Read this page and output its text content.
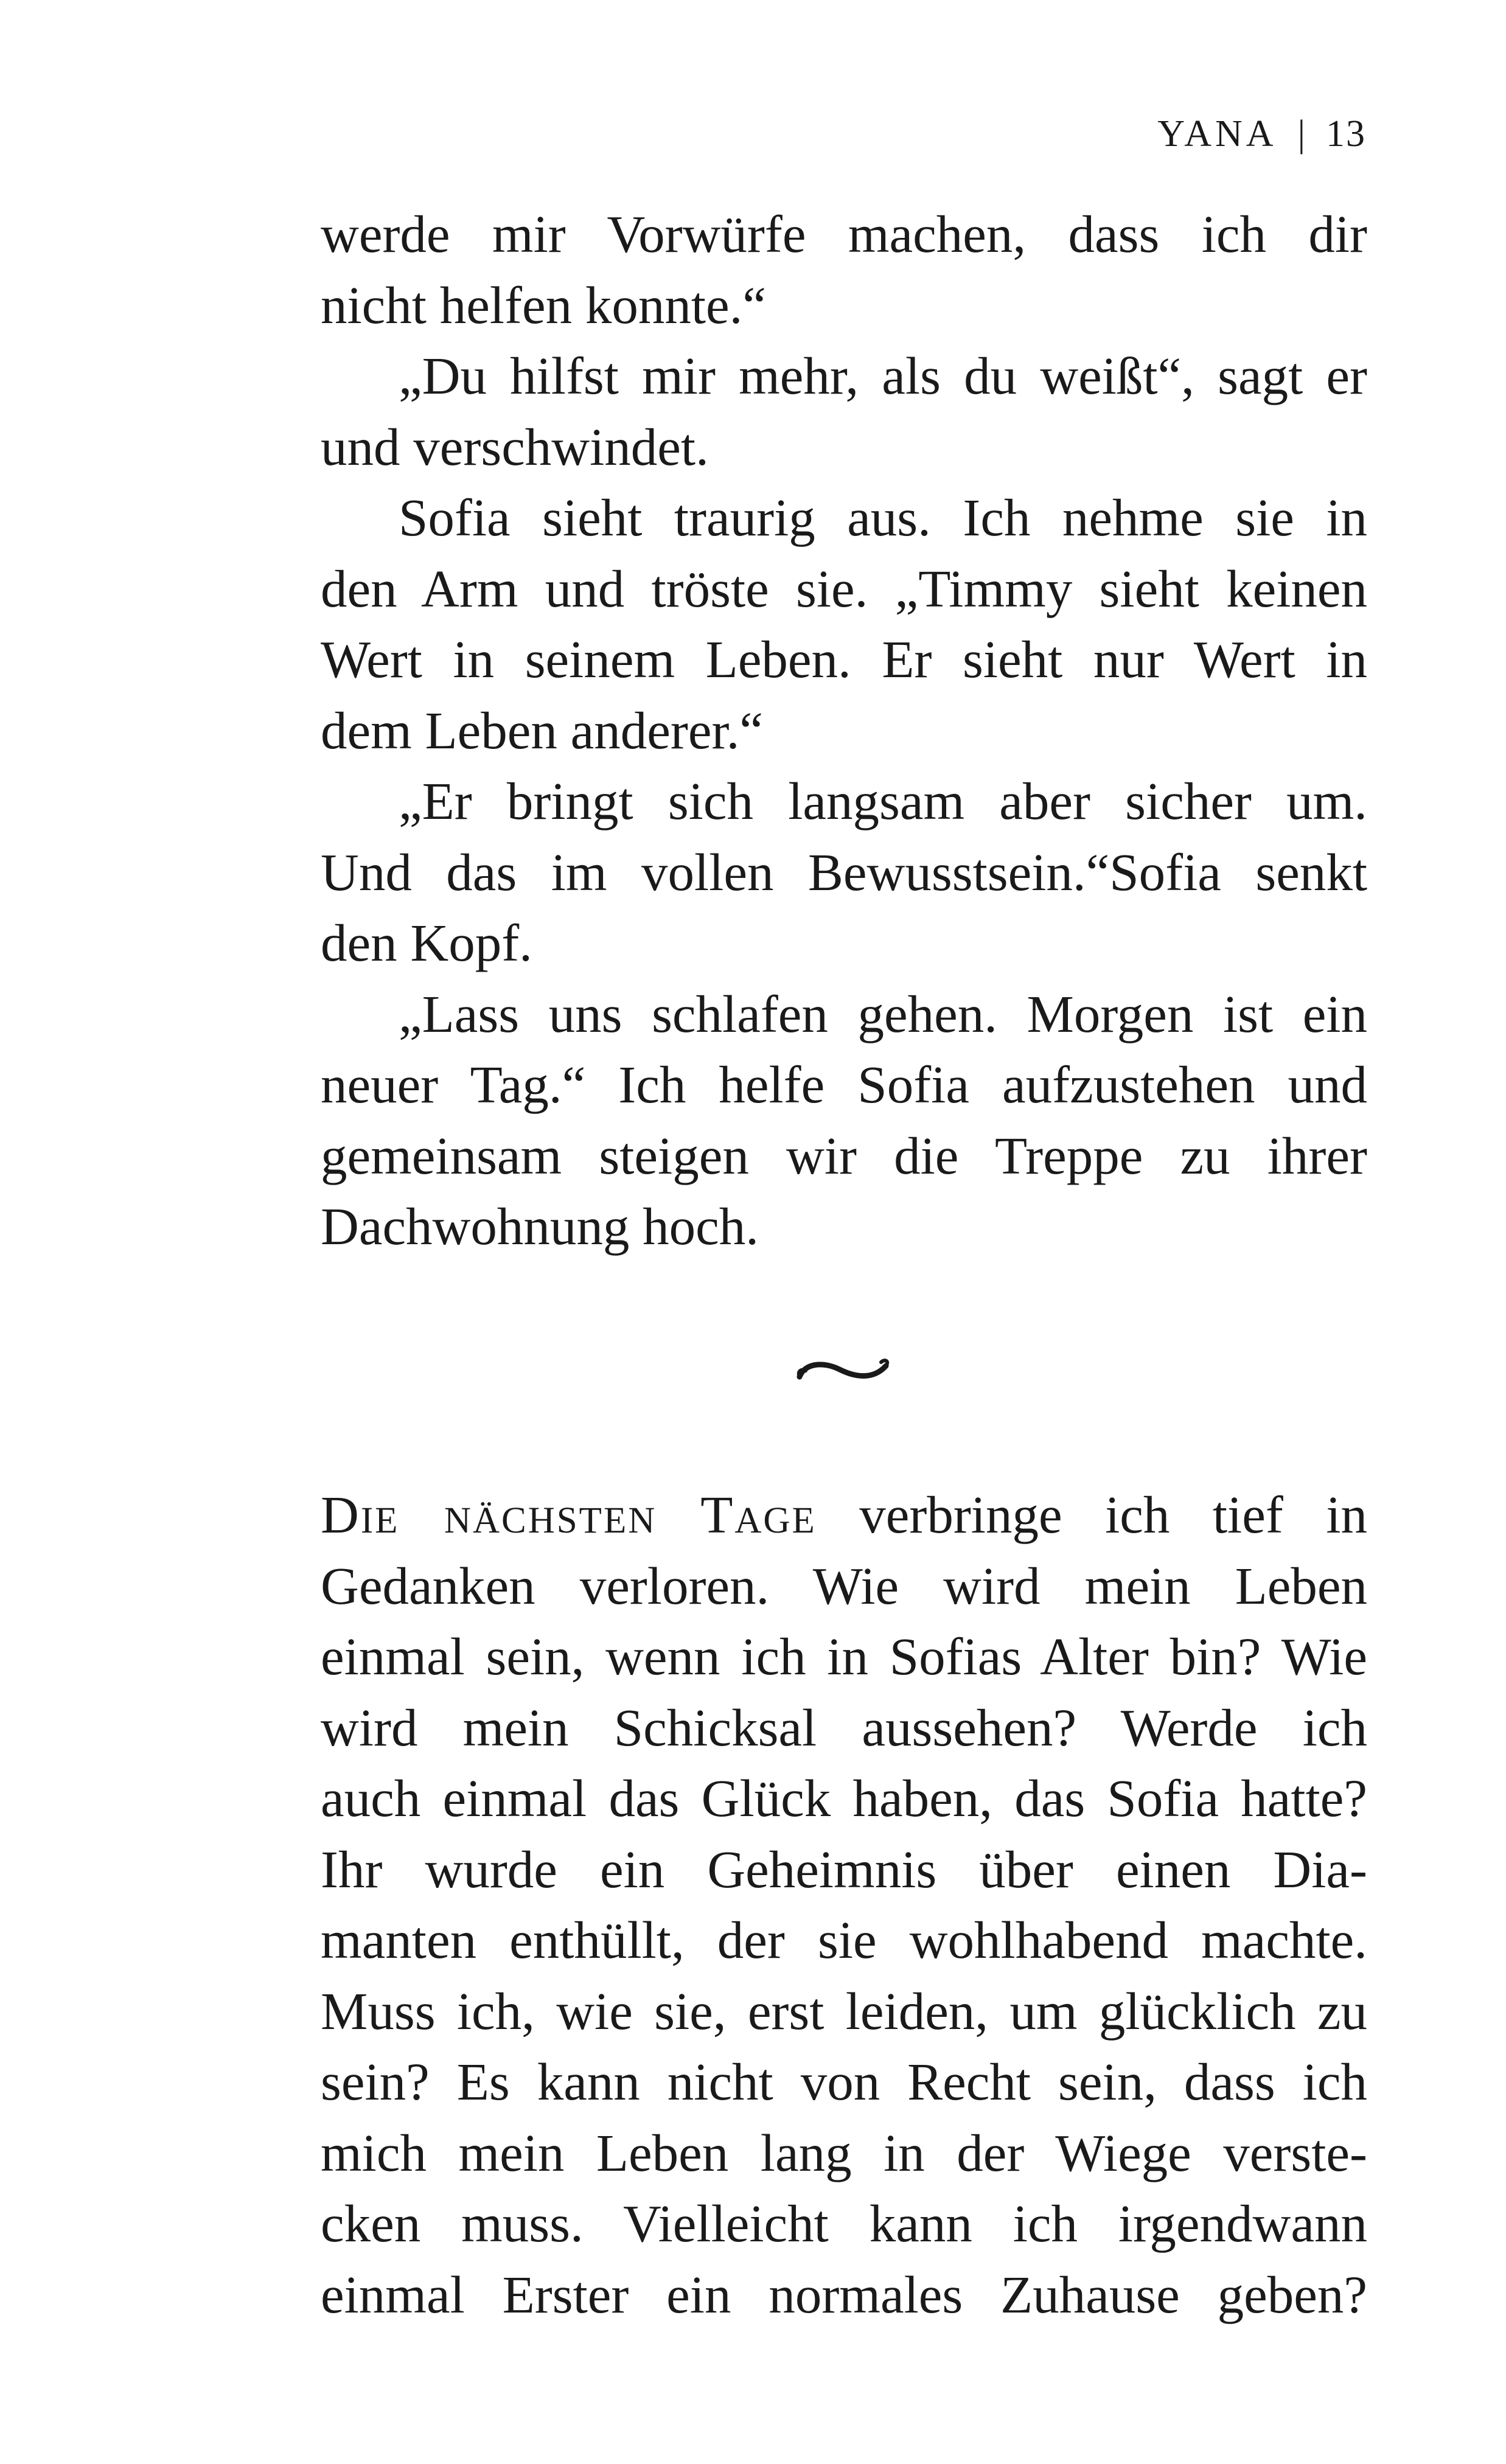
YANA | 13
werde mir Vorwürfe machen, dass ich dir
nicht helfen konnte.“
„Du hilfst mir mehr, als du weißt“, sagt er
und verschwindet.
Sofia sieht traurig aus. Ich nehme sie in
den Arm und tröste sie. „Timmy sieht keinen
Wert in seinem Leben. Er sieht nur Wert in
dem Leben anderer.“
„Er bringt sich langsam aber sicher um.
Und das im vollen Bewusstsein.“Sofia senkt
den Kopf.
„Lass uns schlafen gehen. Morgen ist ein
neuer Tag.“ Ich helfe Sofia aufzustehen und
gemeinsam steigen wir die Treppe zu ihrer
Dachwohnung hoch.
Die nächsten Tage verbringe ich tief in
Gedanken verloren. Wie wird mein Leben
einmal sein, wenn ich in Sofias Alter bin? Wie
wird mein Schicksal aussehen? Werde ich
auch einmal das Glück haben, das Sofia hatte?
Ihr wurde ein Geheimnis über einen Dia-
manten enthüllt, der sie wohlhabend machte.
Muss ich, wie sie, erst leiden, um glücklich zu
sein? Es kann nicht von Recht sein, dass ich
mich mein Leben lang in der Wiege verste-
cken muss. Vielleicht kann ich irgendwann
einmal Erster ein normales Zuhause geben?
